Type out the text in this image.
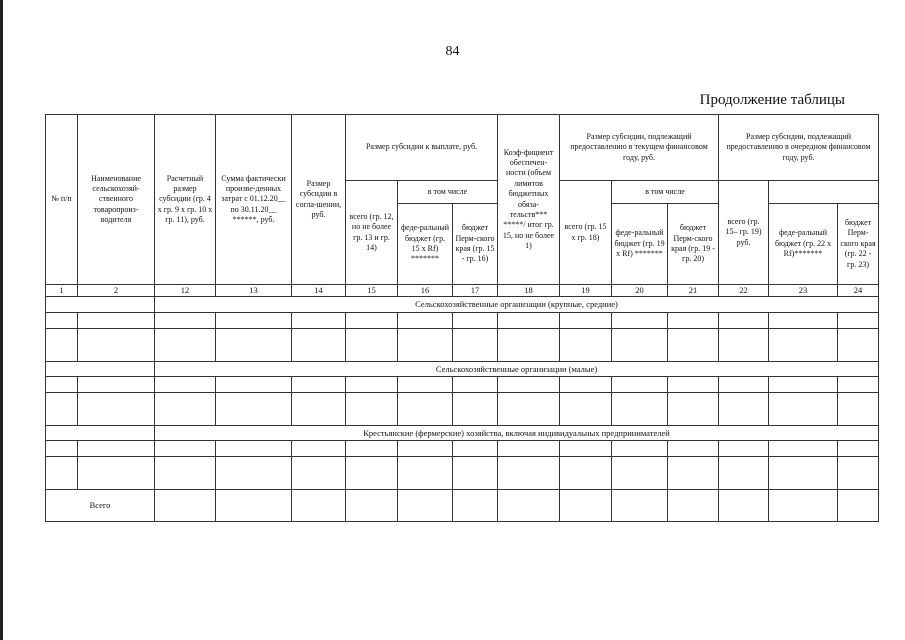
84
Продолжение таблицы
№ п/п	Наименование сельскохозяй-ственного товаропроиз-водителя	Расчетный размер субсидии (гр. 4 х гр. 9 х гр. 10 х гр. 11), руб.	Сумма фактически произве-денных затрат с 01.12.20__ по 30.11.20__ ******, руб.	Размер субсидии в согла-шении, руб.	Размер субсидии к выплате, руб.			Коэф-фициент обеспечен-ности (объем лимитов бюджетных обяза-тельств*** *****/ итог гр. 15, но не более 1)	Размер субсидии, подлежащий предоставлению в текущем финансовом году, руб.			Размер субсидии, подлежащий предоставлению в очередном финансовом году, руб.		
					всего (гр. 12, но не более гр. 13 и гр. 14)	в том числе			всего (гр. 15 х гр. 18)	в том числе		всего (гр. 15– гр. 19) руб.		
						феде-ральный бюджет (гр. 15 х Rf) *******	бюджет Перм-ского края (гр. 15 - гр. 16)			феде-ральный бюджет (гр. 19 х Rf) *******	бюджет Перм-ского края (гр. 19 - гр. 20)		феде-ральный бюджет (гр. 22 х Rf)*******	бюджет Перм-ского края (гр. 22 - гр. 23)
1	2	12	13	14	15	16	17	18	19	20	21	22	23	24
		Сельскохозяйственные организации (крупные, средние)												

		Сельскохозяйственные организации (малые)												

		Крестьянские (фермерские) хозяйства, включая индивидуальных предпринимателей												

Всего														
